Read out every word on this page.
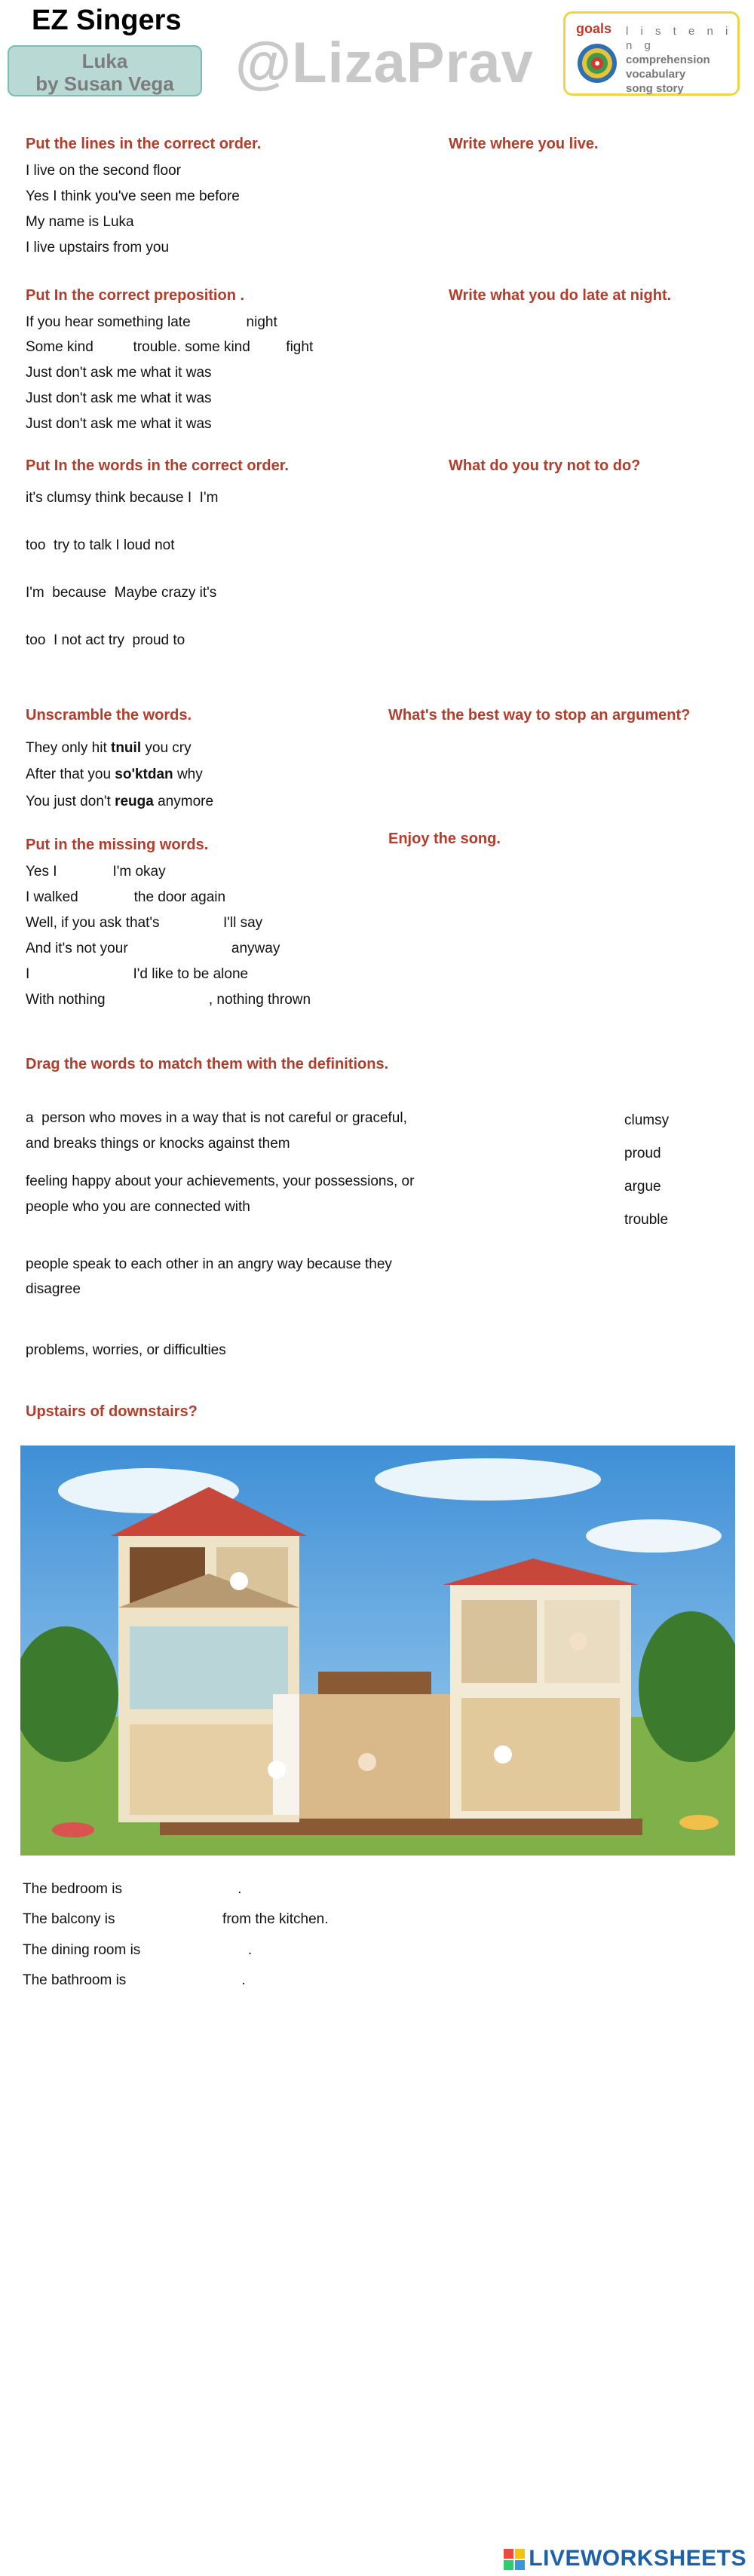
EZ Singers
Luka
by Susan Vega	@LizaPrav
goals l i s t e n i n g
comprehension
vocabulary
song story
Put the lines in the correct order.	Write where you live.
I live on the second floor
Yes I think you've seen me before
My name is Luka
I live upstairs from you
Put In the correct preposition .	Write what you do late at night.
If you hear something late              night
Some kind          trouble. some kind         fight
Just don't ask me what it was
Just don't ask me what it was
Just don't ask me what it was
Put In the words in the correct order.	What do you try not to do?
it's clumsy think because I  I'm
too  try to talk I loud not
I'm  because  Maybe crazy it's
too  I not act try  proud to
Unscramble the words.	What's the best way to stop an argument?
They only hit tnuil you cry
After that you so'ktdan why
You just don't reuga anymore
Put in the missing words.	Enjoy the song.
Yes I              I'm okay
I walked              the door again
Well, if you ask that's                I'll say
And it's not your                          anyway
I                          I'd like to be alone
With nothing                          , nothing thrown
Drag the words to match them with the definitions.
a  person who moves in a way that is not careful or graceful,
and breaks things or knocks against them
feeling happy about your achievements, your possessions, or
people who you are connected with
people speak to each other in an angry way because they
disagree
problems, worries, or difficulties
clumsy
proud
argue
trouble
Upstairs of downstairs?
The bedroom is                             .
The balcony is                           from the kitchen.
The dining room is                           .
The bathroom is                             .
LIVEWORKSHEETS
